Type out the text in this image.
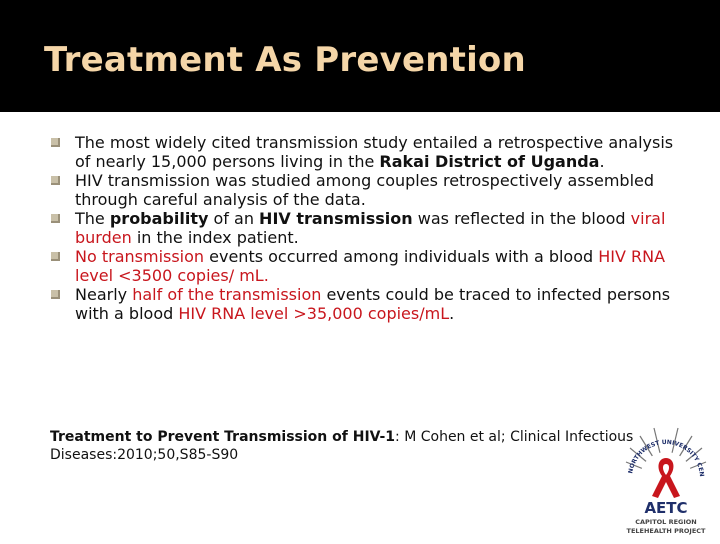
Treatment As Prevention
The most widely cited transmission study entailed a retrospective analysis of nearly 15,000 persons living in the Rakai District of Uganda.
HIV transmission was studied among couples retrospectively assembled through careful analysis of the data.
The probability of an HIV transmission was reflected in the blood viral burden in the index patient.
No transmission events occurred among individuals with a blood HIV RNA level <3500 copies/ mL.
Nearly half of the transmission events could be traced to infected persons with a blood HIV RNA level >35,000 copies/mL.
Treatment to Prevent Transmission of HIV-1: M Cohen et al; Clinical Infectious Diseases:2010;50,S85-S90
NORTHWEST UNIVERSITY CEN
AETC
CAPITOL REGION
TELEHEALTH PROJECT
